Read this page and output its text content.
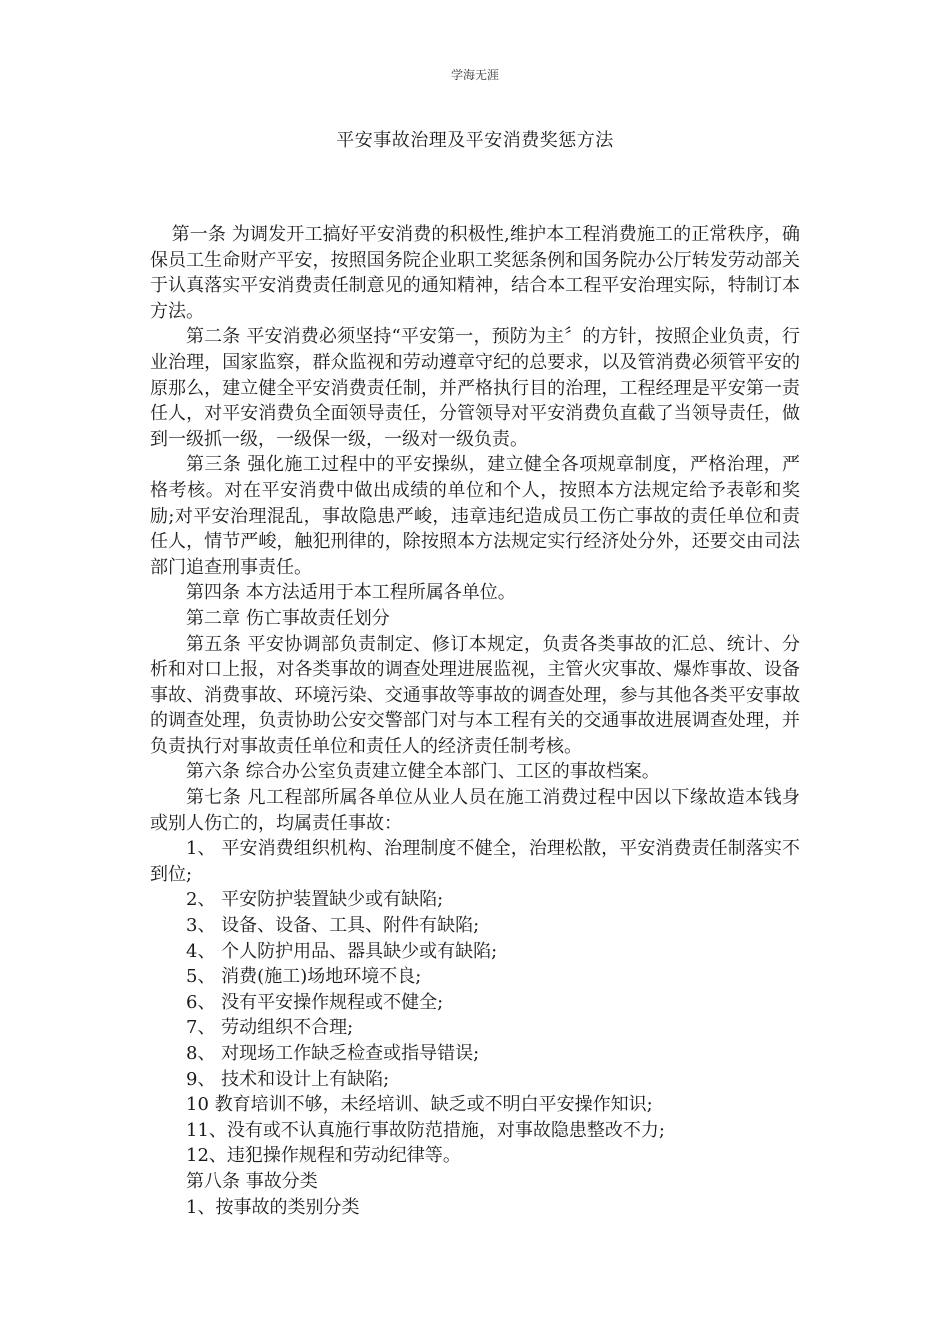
学海无涯
平安事故治理及平安消费奖惩方法

第一条 为调发开工搞好平安消费的积极性,维护本工程消费施工的正常秩序，确保员工生命财产平安，按照国务院企业职工奖惩条例和国务院办公厅转发劳动部关于认真落实平安消费责任制意见的通知精神，结合本工程平安治理实际，特制订本方法。

第二条 平安消费必须坚持“平安第一，预防为主〞的方针，按照企业负责，行业治理，国家监察，群众监视和劳动遵章守纪的总要求，以及管消费必须管平安的原那么，建立健全平安消费责任制，并严格执行目的治理，工程经理是平安第一责任人，对平安消费负全面领导责任，分管领导对平安消费负直截了当领导责任，做到一级抓一级，一级保一级，一级对一级负责。

第三条 强化施工过程中的平安操纵，建立健全各项规章制度，严格治理，严格考核。对在平安消费中做出成绩的单位和个人，按照本方法规定给予表彰和奖励;对平安治理混乱，事故隐患严峻，违章违纪造成员工伤亡事故的责任单位和责任人，情节严峻，触犯刑律的，除按照本方法规定实行经济处分外，还要交由司法部门追查刑事责任。

第四条 本方法适用于本工程所属各单位。

第二章 伤亡事故责任划分

第五条 平安协调部负责制定、修订本规定，负责各类事故的汇总、统计、分析和对口上报，对各类事故的调查处理进展监视，主管火灾事故、爆炸事故、设备事故、消费事故、环境污染、交通事故等事故的调查处理，参与其他各类平安事故的调查处理，负责协助公安交警部门对与本工程有关的交通事故进展调查处理，并负责执行对事故责任单位和责任人的经济责任制考核。

第六条 综合办公室负责建立健全本部门、工区的事故档案。

第七条 凡工程部所属各单位从业人员在施工消费过程中因以下缘故造本钱身或别人伤亡的，均属责任事故：

1、 平安消费组织机构、治理制度不健全，治理松散，平安消费责任制落实不到位;

2、 平安防护装置缺少或有缺陷;

3、 设备、设备、工具、附件有缺陷;

4、 个人防护用品、器具缺少或有缺陷;

5、 消费(施工)场地环境不良;

6、 没有平安操作规程或不健全;

7、 劳动组织不合理;

8、 对现场工作缺乏检查或指导错误;

9、 技术和设计上有缺陷;

10 教育培训不够，未经培训、缺乏或不明白平安操作知识;

11、没有或不认真施行事故防范措施，对事故隐患整改不力;

12、违犯操作规程和劳动纪律等。

第八条 事故分类

1、按事故的类别分类
